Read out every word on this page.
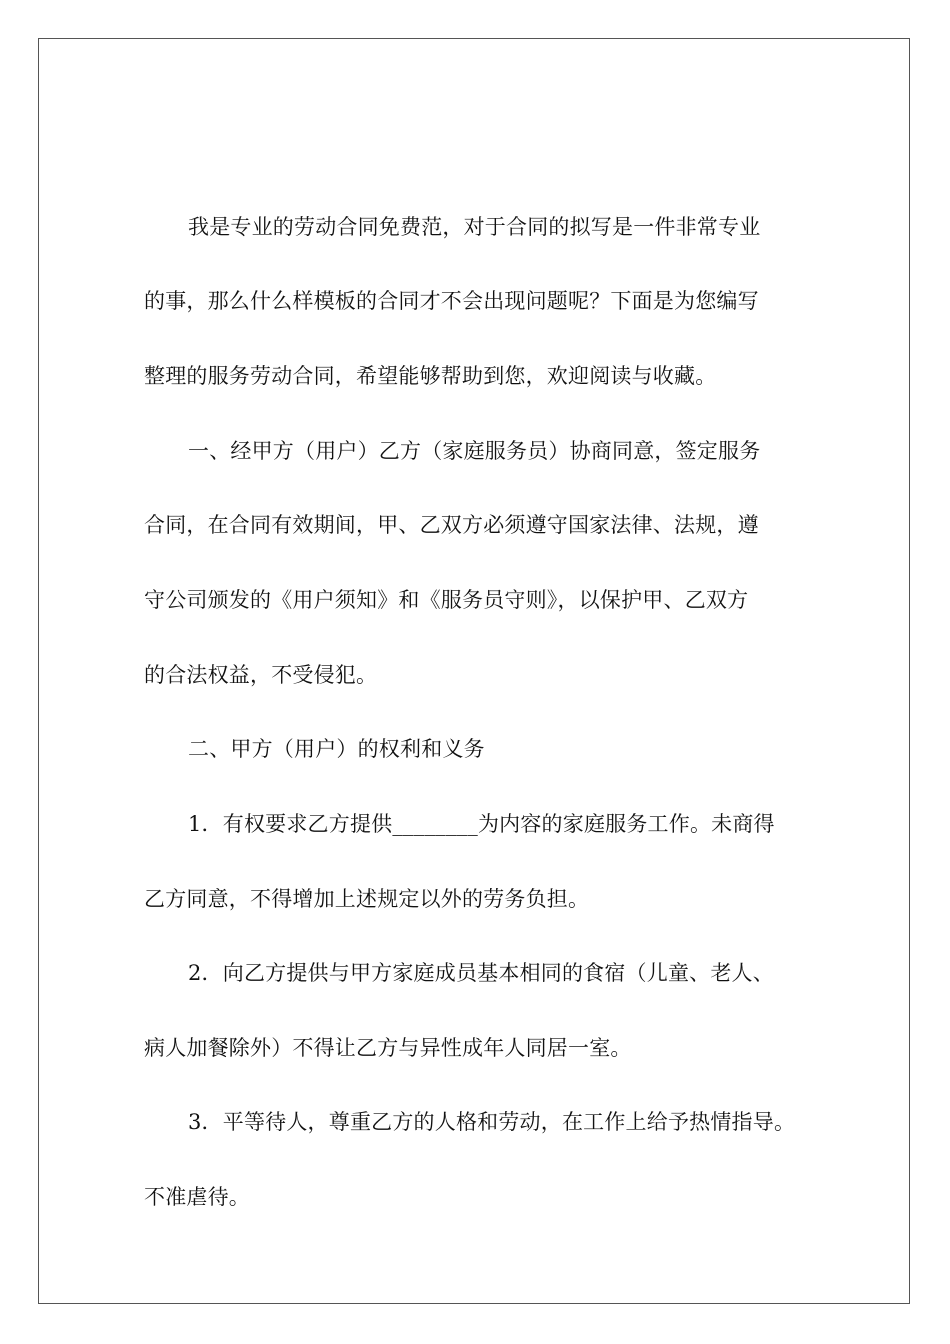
我是专业的劳动合同免费范，对于合同的拟写是一件非常专业
的事，那么什么样模板的合同才不会出现问题呢？下面是为您编写
整理的服务劳动合同，希望能够帮助到您，欢迎阅读与收藏。
一、经甲方（用户）乙方（家庭服务员）协商同意，签定服务
合同，在合同有效期间，甲、乙双方必须遵守国家法律、法规，遵
守公司颁发的《用户须知》和《服务员守则》，以保护甲、乙双方
的合法权益，不受侵犯。
二、甲方（用户）的权利和义务
1．有权要求乙方提供________为内容的家庭服务工作。未商得
乙方同意，不得增加上述规定以外的劳务负担。
2．向乙方提供与甲方家庭成员基本相同的食宿（儿童、老人、
病人加餐除外）不得让乙方与异性成年人同居一室。
3．平等待人，尊重乙方的人格和劳动，在工作上给予热情指导。
不准虐待。
